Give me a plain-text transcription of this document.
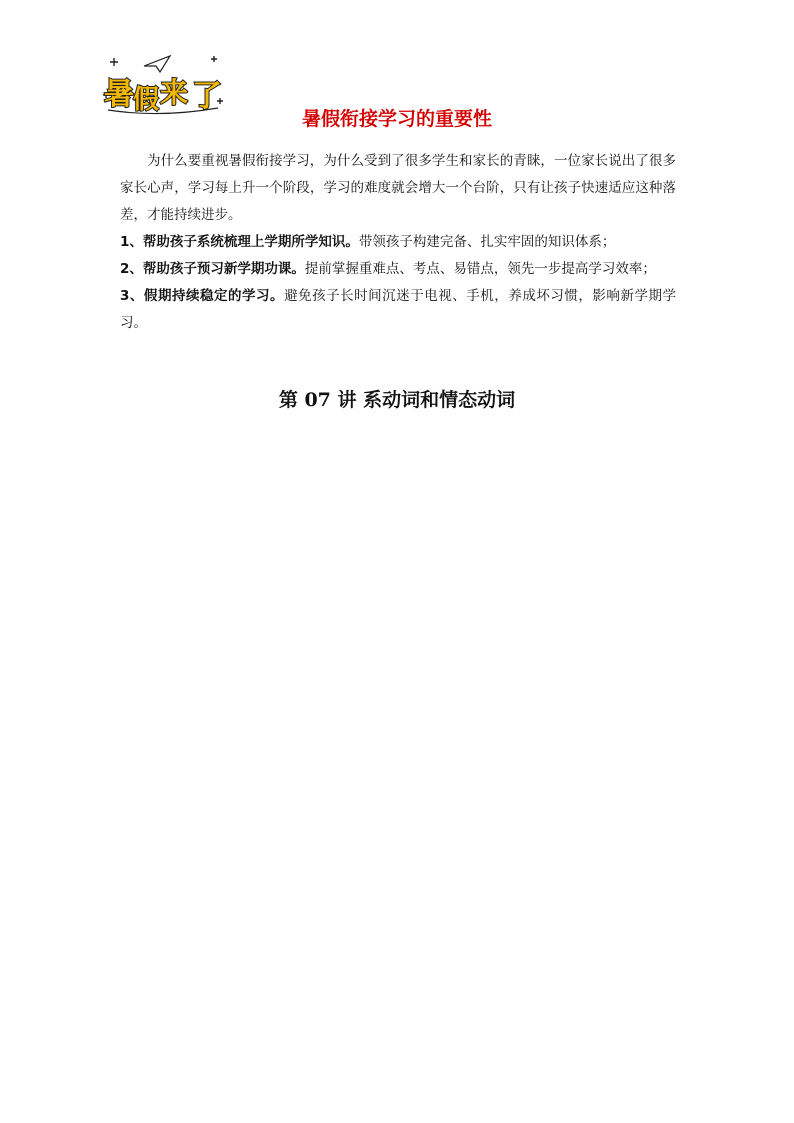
暑 假 来 了
暑假衔接学习的重要性

为什么要重视暑假衔接学习，为什么受到了很多学生和家长的青睐，一位家长说出了很多家长心声，学习每上升一个阶段，学习的难度就会增大一个台阶，只有让孩子快速适应这种落差，才能持续进步。

1、帮助孩子系统梳理上学期所学知识。带领孩子构建完备、扎实牢固的知识体系；

2、帮助孩子预习新学期功课。提前掌握重难点、考点、易错点，领先一步提高学习效率；

3、假期持续稳定的学习。避免孩子长时间沉迷于电视、手机，养成坏习惯，影响新学期学习。

第 07 讲 系动词和情态动词
